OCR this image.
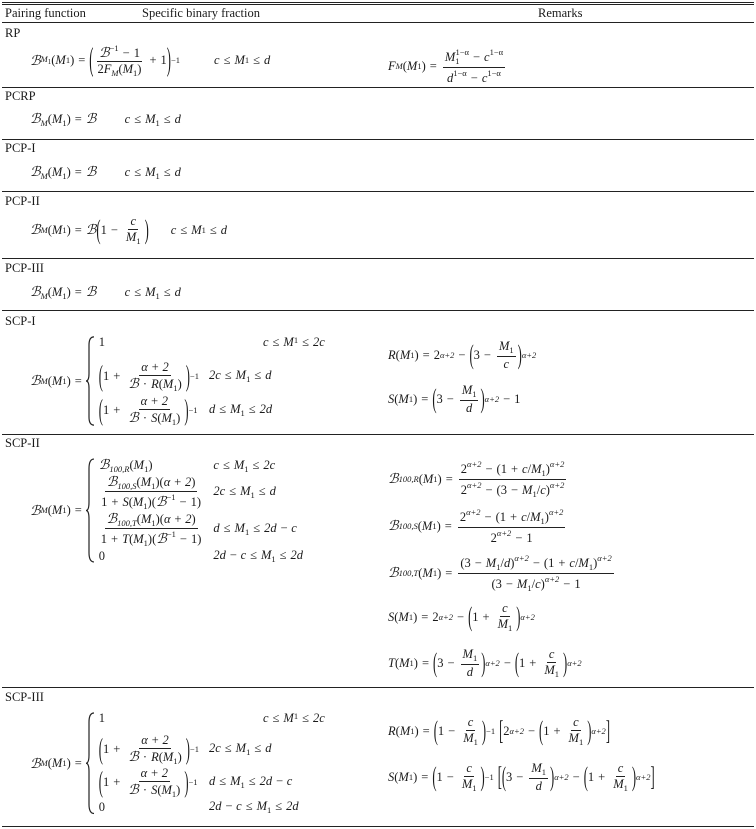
Pairing function	Specific binary fraction	Remarks
RP
ℬ $M_1$ ( M 1 ) = ( $\frac{ℬ^{-1} - 1}{2F_M(M_1)} + 1$ ) −1	c ≤ M 1 ≤ d	F M ( M 1 ) = $\frac{M_1^{1-\alpha} - c^{1-\alpha}}{d^{1-\alpha} - c^{1-\alpha}}$
PCRP
$ℬ_M(M_1)$ = ℬ $c \le M_1 \le d$
PCP-I
$ℬ_M(M_1)$ = ℬ $c \le M_1 \le d$
PCP-II
ℬ M ( M 1 ) = ℬ ( $1 - \frac{c}{M_1}$ ) c ≤ M 1 ≤ d
PCP-III
$ℬ_M(M_1)$ = ℬ $c \le M_1 \le d$
SCP-I
ℬ M ( M 1 ) =
1	c ≤ M 1 ≤ 2c
( $1 + \frac{\alpha + 2}{ℬ \cdot R(M_1)}$ ) −1 $2c \le M_1 \le d$
( $1 + \frac{\alpha + 2}{ℬ \cdot S(M_1)}$ ) −1 $d \le M_1 \le 2d$
R ( M 1 ) = 2 α+2 − ( $3 - \frac{M_1}{c}$ ) α+2
S ( M 1 ) = ( $3 - \frac{M_1}{d}$ ) α+2 − 1
SCP-II
ℬ M ( M 1 ) =
$ℬ_{100,R}(M_1)$	$c \le M_1 \le 2c$
$\frac{ℬ_{100,S}(M_1)(\alpha + 2)}{1 + S(M_1)(ℬ^{-1} - 1)} 2c \le M_1 \le d$
$\frac{ℬ_{100,T}(M_1)(\alpha + 2)}{1 + T(M_1)(ℬ^{-1} - 1)}$ $d \le M_1 \le 2d - c$
0	$2d - c \le M_1 \le 2d$
ℬ 100,R ( M 1 ) = $\frac{2^{\alpha+2} - (1 + c/M_1)^{\alpha+2}}{2^{\alpha+2} - (3 - M_1/c)^{\alpha+2}}$
ℬ 100,S ( M 1 ) = $\frac{2^{\alpha+2} - (1 + c/M_1)^{\alpha+2}}{2^{\alpha+2} - 1}$
ℬ 100,T ( M 1 ) = $\frac{(3 - M_1/d)^{\alpha+2} - (1 + c/M_1)^{\alpha+2}}{(3 - M_1/c)^{\alpha+2} - 1}$
S ( M 1 ) = 2 α+2 − ( $1 + \frac{c}{M_1}$ ) α+2
T ( M 1 ) = ( $3 - \frac{M_1}{d}$ ) α+2 − ( $1 + \frac{c}{M_1}$ ) α+2
SCP-III
ℬ M ( M 1 ) =
1	c ≤ M 1 ≤ 2c
( $1 + \frac{\alpha + 2}{ℬ \cdot R(M_1)}$ ) −1 $2c \le M_1 \le d$
( $1 + \frac{\alpha + 2}{ℬ \cdot S(M_1)}$ ) −1 $d \le M_1 \le 2d - c$
0	$2d - c \le M_1 \le 2d$
R ( M 1 ) = ( $1 - \frac{c}{M_1}$ ) −1 [ 2 α+2 − ( $1 + \frac{c}{M_1}$ ) α+2 ]
S ( M 1 ) = ( $1 - \frac{c}{M_1}$ ) −1 [ ( $3 - \frac{M_1}{d}$ ) α+2 − ( $1 + \frac{c}{M_1}$ ) α+2 ]
